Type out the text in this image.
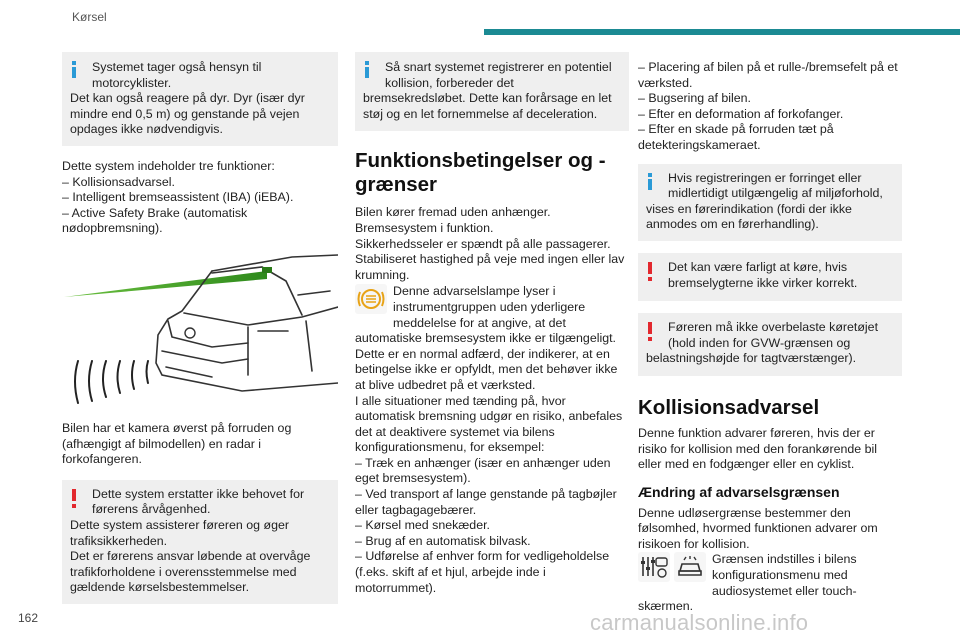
Kørsel

Systemet tager også hensyn til

motorcyklister.

Det kan også reagere på dyr. Dyr (især dyr mindre end 0,5 m) og genstande på vejen opdages ikke nødvendigvis.

Dette system indeholder tre funktioner:

– Kollisionsadvarsel.

– Intelligent bremseassistent (IBA) (iEBA).

– Active Safety Brake (automatisk nødopbremsning).

Bilen har et kamera øverst på forruden og (afhængigt af bilmodellen) en radar i forkofangeren.

Dette system erstatter ikke behovet for

førerens årvågenhed.

Dette system assisterer føreren og øger trafiksikkerheden.

Det er førerens ansvar løbende at overvåge trafikforholdene i overensstemmelse med gældende kørselsbestemmelser.

Så snart systemet registrerer en potentiel

kollision, forbereder det

bremsekredsløbet. Dette kan forårsage en let støj og en let fornemmelse af deceleration.

Funktionsbetingelser og -grænser

Bilen kører fremad uden anhænger.

Bremsesystem i funktion.

Sikkerhedsseler er spændt på alle passagerer.

Stabiliseret hastighed på veje med ingen eller lav krumning.

Denne advarselslampe lyser i instrumentgruppen uden yderligere meddelelse for at angive, at det automatiske bremsesystem ikke er tilgængeligt.

Dette er en normal adfærd, der indikerer, at en betingelse ikke er opfyldt, men det behøver ikke at blive udbedret på et værksted.

I alle situationer med tænding på, hvor automatisk bremsning udgør en risiko, anbefales det at deaktivere systemet via bilens konfigurationsmenu, for eksempel:

– Træk en anhænger (især en anhænger uden eget bremsesystem).

– Ved transport af lange genstande på tagbøjler eller tagbagagebærer.

– Kørsel med snekæder.

– Brug af en automatisk bilvask.

– Udførelse af enhver form for vedligeholdelse (f.eks. skift af et hjul, arbejde inde i motorrummet).

– Placering af bilen på et rulle-/bremsefelt på et værksted.

– Bugsering af bilen.

– Efter en deformation af forkofanger.

– Efter en skade på forruden tæt på detekteringskameraet.

Hvis registreringen er forringet eller

midlertidigt utilgængelig af miljøforhold,

vises en førerindikation (fordi der ikke anmodes om en førerhandling).

Det kan være farligt at køre, hvis

bremselygterne ikke virker korrekt.

Føreren må ikke overbelaste køretøjet

(hold inden for GVW-grænsen og

belastningshøjde for tagtværstænger).

Kollisionsadvarsel

Denne funktion advarer føreren, hvis der er risiko for kollision med den forankørende bil eller med en fodgænger eller en cyklist.

Ændring af advarselsgrænsen

Denne udløsergrænse bestemmer den følsomhed, hvormed funktionen advarer om risikoen for kollision.

Grænsen indstilles i bilens konfigurationsmenu med audiosystemet eller touch-skærmen.

162	carmanualsonline.info
